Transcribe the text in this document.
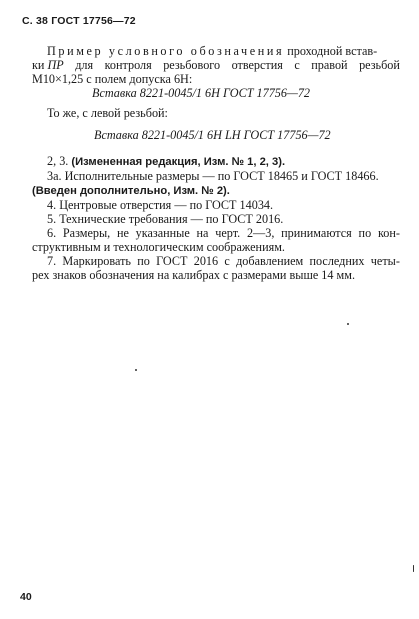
С. 38 ГОСТ 17756—72
Пример условного обозначения проходной встав-
ки ПР для контроля резьбового отверстия с правой резьбой
М10×1,25 с полем допуска 6Н:
Вставка 8221-0045/1 6Н ГОСТ 17756—72
То же, с левой резьбой:
Вставка 8221-0045/1 6Н LH ГОСТ 17756—72
2, 3. (Измененная редакция, Изм. № 1, 2, 3).
3а. Исполнительные размеры — по ГОСТ 18465 и ГОСТ 18466.
(Введен дополнительно, Изм. № 2).
4. Центровые отверстия — по ГОСТ 14034.
5. Технические требования — по ГОСТ 2016.
6. Размеры, не указанные на черт. 2—3, принимаются по кон-
структивным и технологическим соображениям.
7. Маркировать по ГОСТ 2016 с добавлением последних четы-
рех знаков обозначения на калибрах с размерами выше 14 мм.
40
